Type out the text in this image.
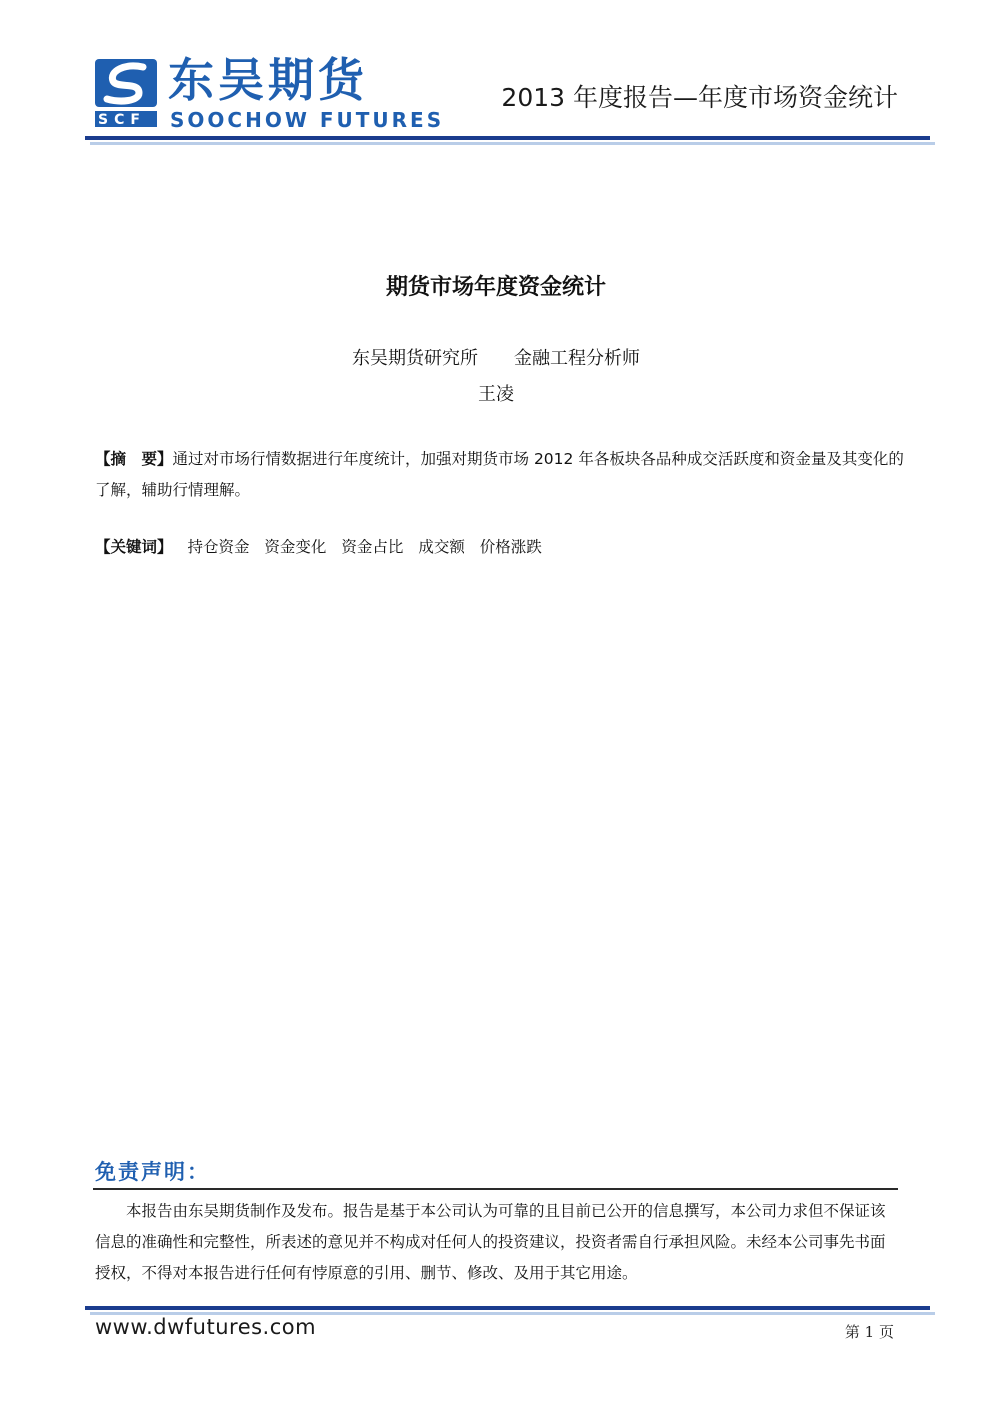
SCF
东吴期货
SOOCHOW FUTURES
2013 年度报告—年度市场资金统计
期货市场年度资金统计
东吴期货研究所 金融工程分析师
王凌
【摘　要】通过对市场行情数据进行年度统计，加强对期货市场 2012 年各板块各品种成交活跃度和资金量及其变化的了解，辅助行情理解。
【关键词】 持仓资金 资金变化 资金占比 成交额 价格涨跌
免责声明：
本报告由东吴期货制作及发布。报告是基于本公司认为可靠的且目前已公开的信息撰写，本公司力求但不保证该信息的准确性和完整性，所表述的意见并不构成对任何人的投资建议，投资者需自行承担风险。未经本公司事先书面授权，不得对本报告进行任何有悖原意的引用、删节、修改、及用于其它用途。
www.dwfutures.com	第 1 页
